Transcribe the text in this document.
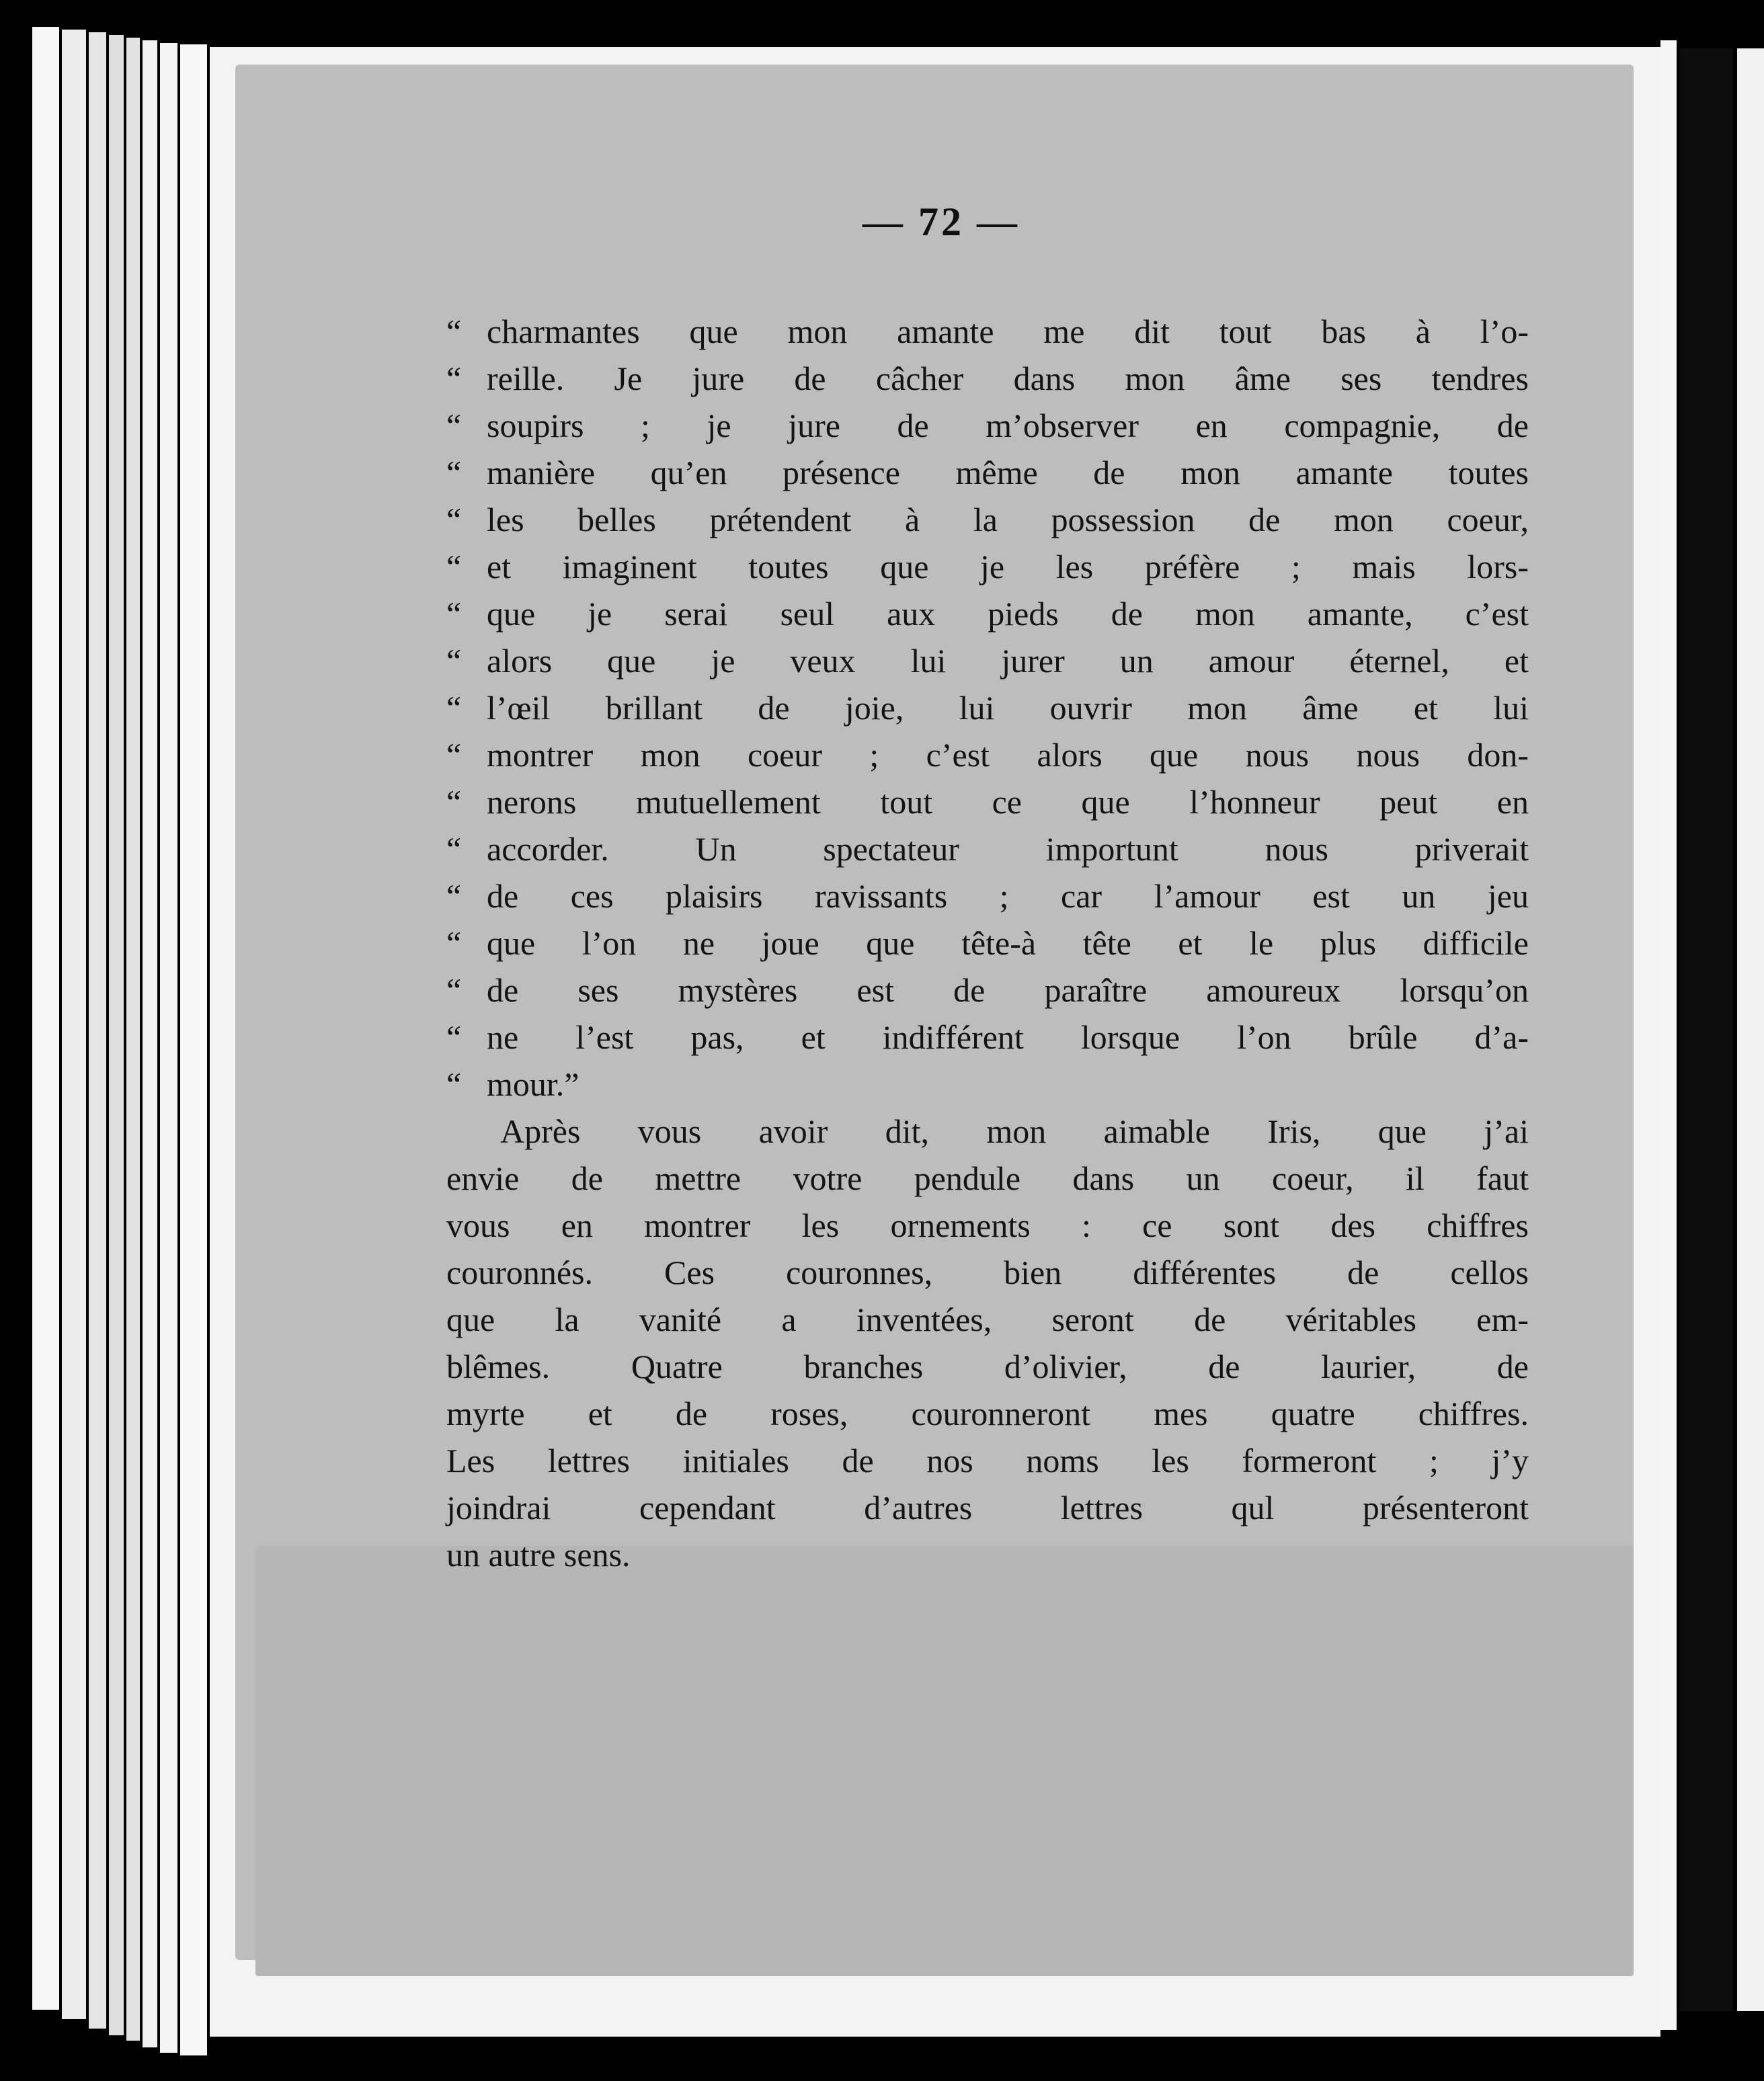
— 72 —
“ charmantes que mon amante me dit tout bas à l’o-
“ reille. Je jure de câcher dans mon âme ses tendres
“ soupirs ; je jure de m’observer en compagnie, de
“ manière qu’en présence même de mon amante toutes
“ les belles prétendent à la possession de mon coeur,
“ et imaginent toutes que je les préfère ; mais lors-
“ que je serai seul aux pieds de mon amante, c’est
“ alors que je veux lui jurer un amour éternel, et
“ l’œil brillant de joie, lui ouvrir mon âme et lui
“ montrer mon coeur ; c’est alors que nous nous don-
“ nerons mutuellement tout ce que l’honneur peut en
“ accorder. Un spectateur importunt nous priverait
“ de ces plaisirs ravissants ; car l’amour est un jeu
“ que l’on ne joue que tête-à tête et le plus difficile
“ de ses mystères est de paraître amoureux lorsqu’on
“ ne l’est pas, et indifférent lorsque l’on brûle d’a-
“ mour.”
Après vous avoir dit, mon aimable Iris, que j’ai
envie de mettre votre pendule dans un coeur, il faut
vous en montrer les ornements : ce sont des chiffres
couronnés. Ces couronnes, bien différentes de cellos
que la vanité a inventées, seront de véritables em-
blêmes. Quatre branches d’olivier, de laurier, de
myrte et de roses, couronneront mes quatre chiffres.
Les lettres initiales de nos noms les formeront ; j’y
joindrai cependant d’autres lettres qul présenteront
un autre sens.
